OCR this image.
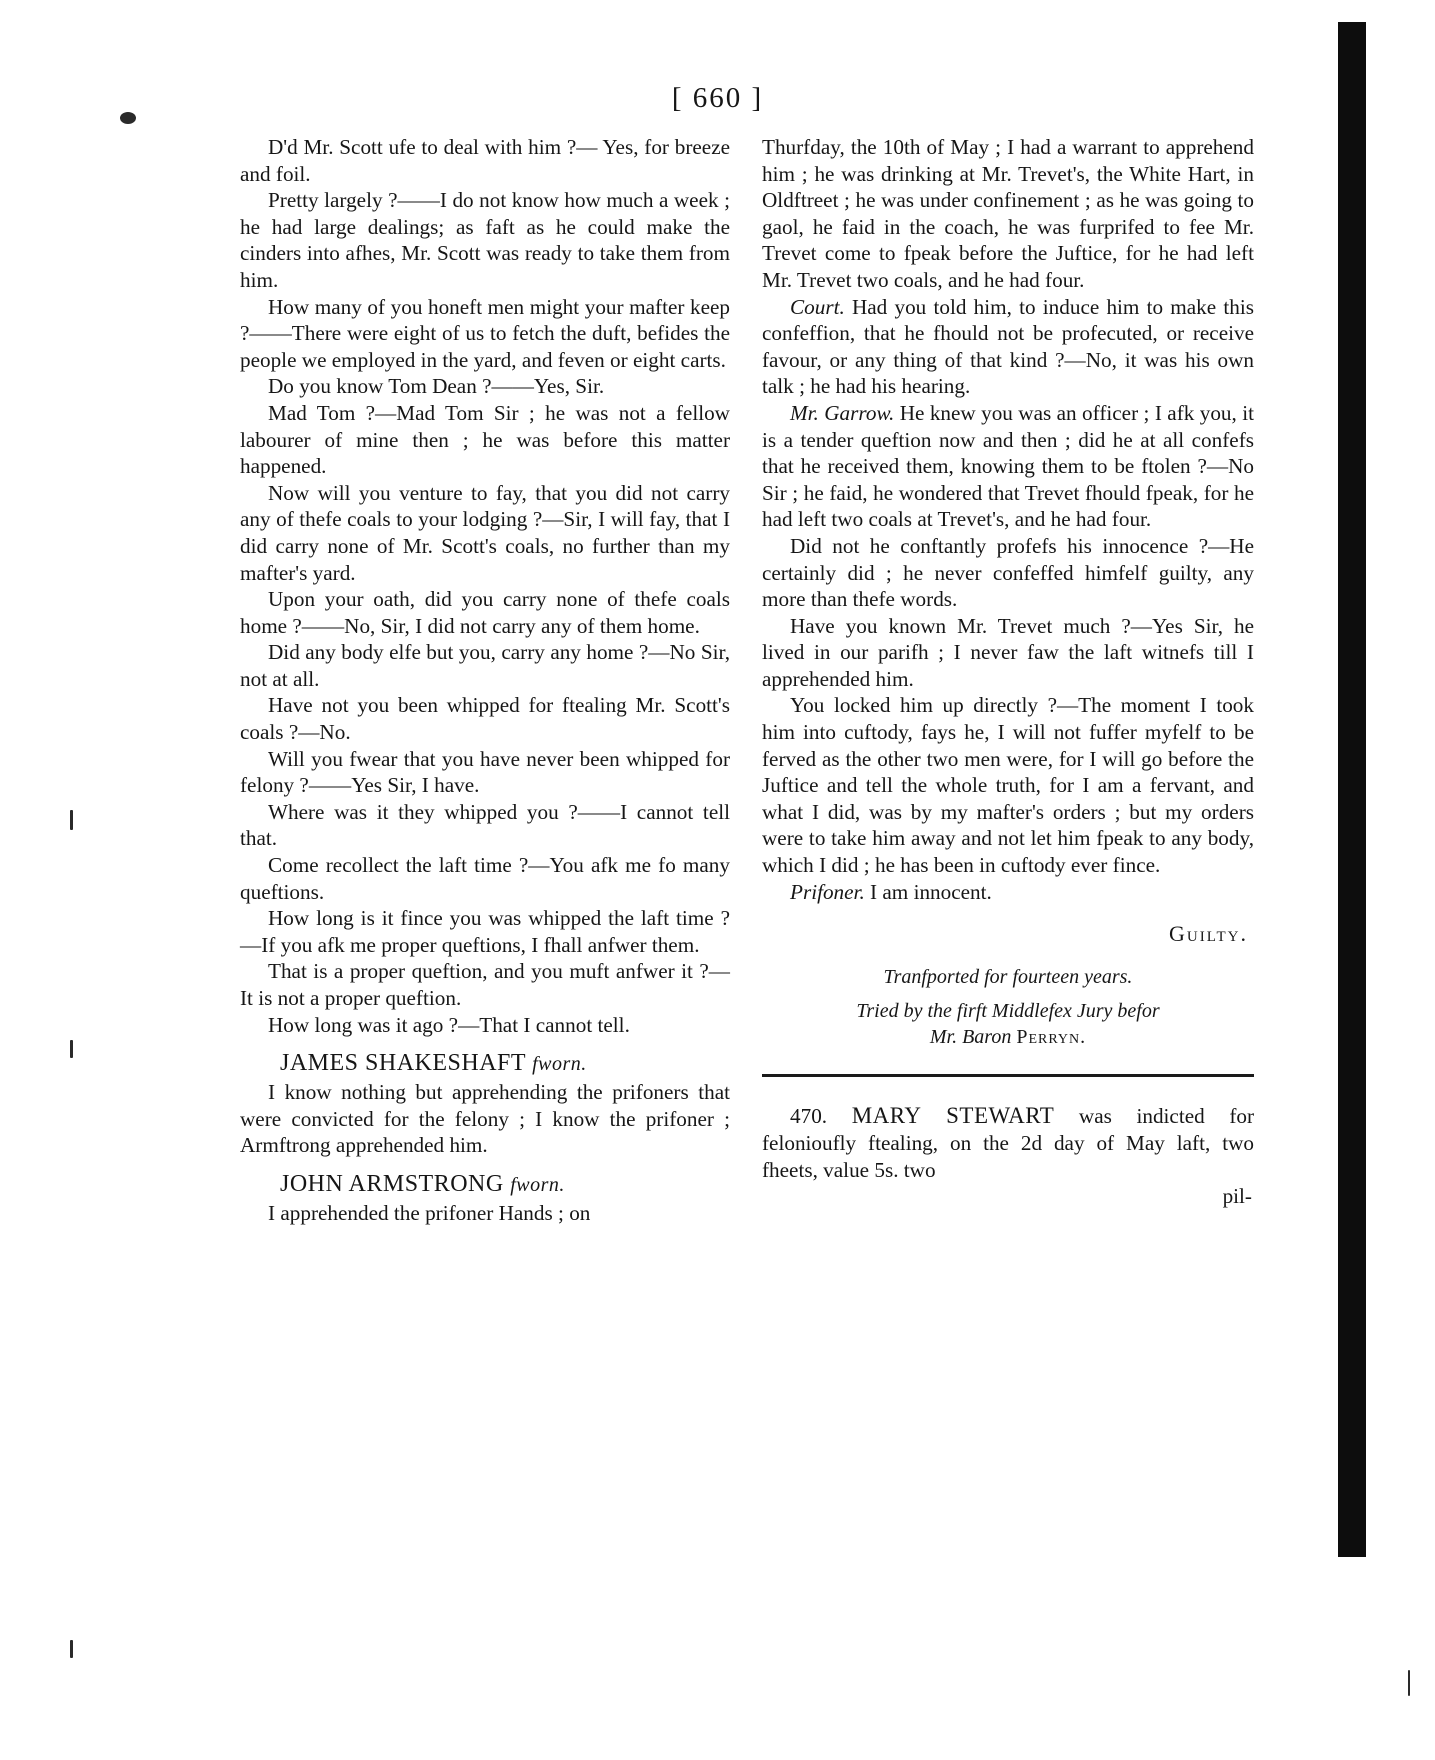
[ 660 ]

D'd Mr. Scott ufe to deal with him ?— Yes, for breeze and foil.

Pretty largely ?——I do not know how much a week ; he had large dealings; as faft as he could make the cinders into afhes, Mr. Scott was ready to take them from him.

How many of you honeft men might your mafter keep ?——There were eight of us to fetch the duft, befides the people we employed in the yard, and feven or eight carts.

Do you know Tom Dean ?——Yes, Sir.

Mad Tom ?—Mad Tom Sir ; he was not a fellow labourer of mine then ; he was before this matter happened.

Now will you venture to fay, that you did not carry any of thefe coals to your lodging ?—Sir, I will fay, that I did carry none of Mr. Scott's coals, no further than my mafter's yard.

Upon your oath, did you carry none of thefe coals home ?——No, Sir, I did not carry any of them home.

Did any body elfe but you, carry any home ?—No Sir, not at all.

Have not you been whipped for ftealing Mr. Scott's coals ?—No.

Will you fwear that you have never been whipped for felony ?——Yes Sir, I have.

Where was it they whipped you ?——I cannot tell that.

Come recollect the laft time ?—You afk me fo many queftions.

How long is it fince you was whipped the laft time ?—If you afk me proper queftions, I fhall anfwer them.

That is a proper queftion, and you muft anfwer it ?—It is not a proper queftion.

How long was it ago ?—That I cannot tell.

JAMES SHAKESHAFT fworn.

I know nothing but apprehending the prifoners that were convicted for the felony ; I know the prifoner ; Armftrong apprehended him.

JOHN ARMSTRONG fworn.

I apprehended the prifoner Hands ; on

Thurfday, the 10th of May ; I had a warrant to apprehend him ; he was drinking at Mr. Trevet's, the White Hart, in Oldftreet ; he was under confinement ; as he was going to gaol, he faid in the coach, he was furprifed to fee Mr. Trevet come to fpeak before the Juftice, for he had left Mr. Trevet two coals, and he had four.

Court. Had you told him, to induce him to make this confeffion, that he fhould not be profecuted, or receive favour, or any thing of that kind ?—No, it was his own talk ; he had his hearing.

Mr. Garrow. He knew you was an officer ; I afk you, it is a tender queftion now and then ; did he at all confefs that he received them, knowing them to be ftolen ?—No Sir ; he faid, he wondered that Trevet fhould fpeak, for he had left two coals at Trevet's, and he had four.

Did not he conftantly profefs his innocence ?—He certainly did ; he never confeffed himfelf guilty, any more than thefe words.

Have you known Mr. Trevet much ?—Yes Sir, he lived in our parifh ; I never faw the laft witnefs till I apprehended him.

You locked him up directly ?—The moment I took him into cuftody, fays he, I will not fuffer myfelf to be ferved as the other two men were, for I will go before the Juftice and tell the whole truth, for I am a fervant, and what I did, was by my mafter's orders ; but my orders were to take him away and not let him fpeak to any body, which I did ; he has been in cuftody ever fince.

Prifoner. I am innocent.

Guilty.
Tranfported for fourteen years.
Tried by the firft Middlefex Jury befor
Mr. Baron Perryn.

470. MARY STEWART was indicted for felonioufly ftealing, on the 2d day of May laft, two fheets, value 5s. two

pil-
